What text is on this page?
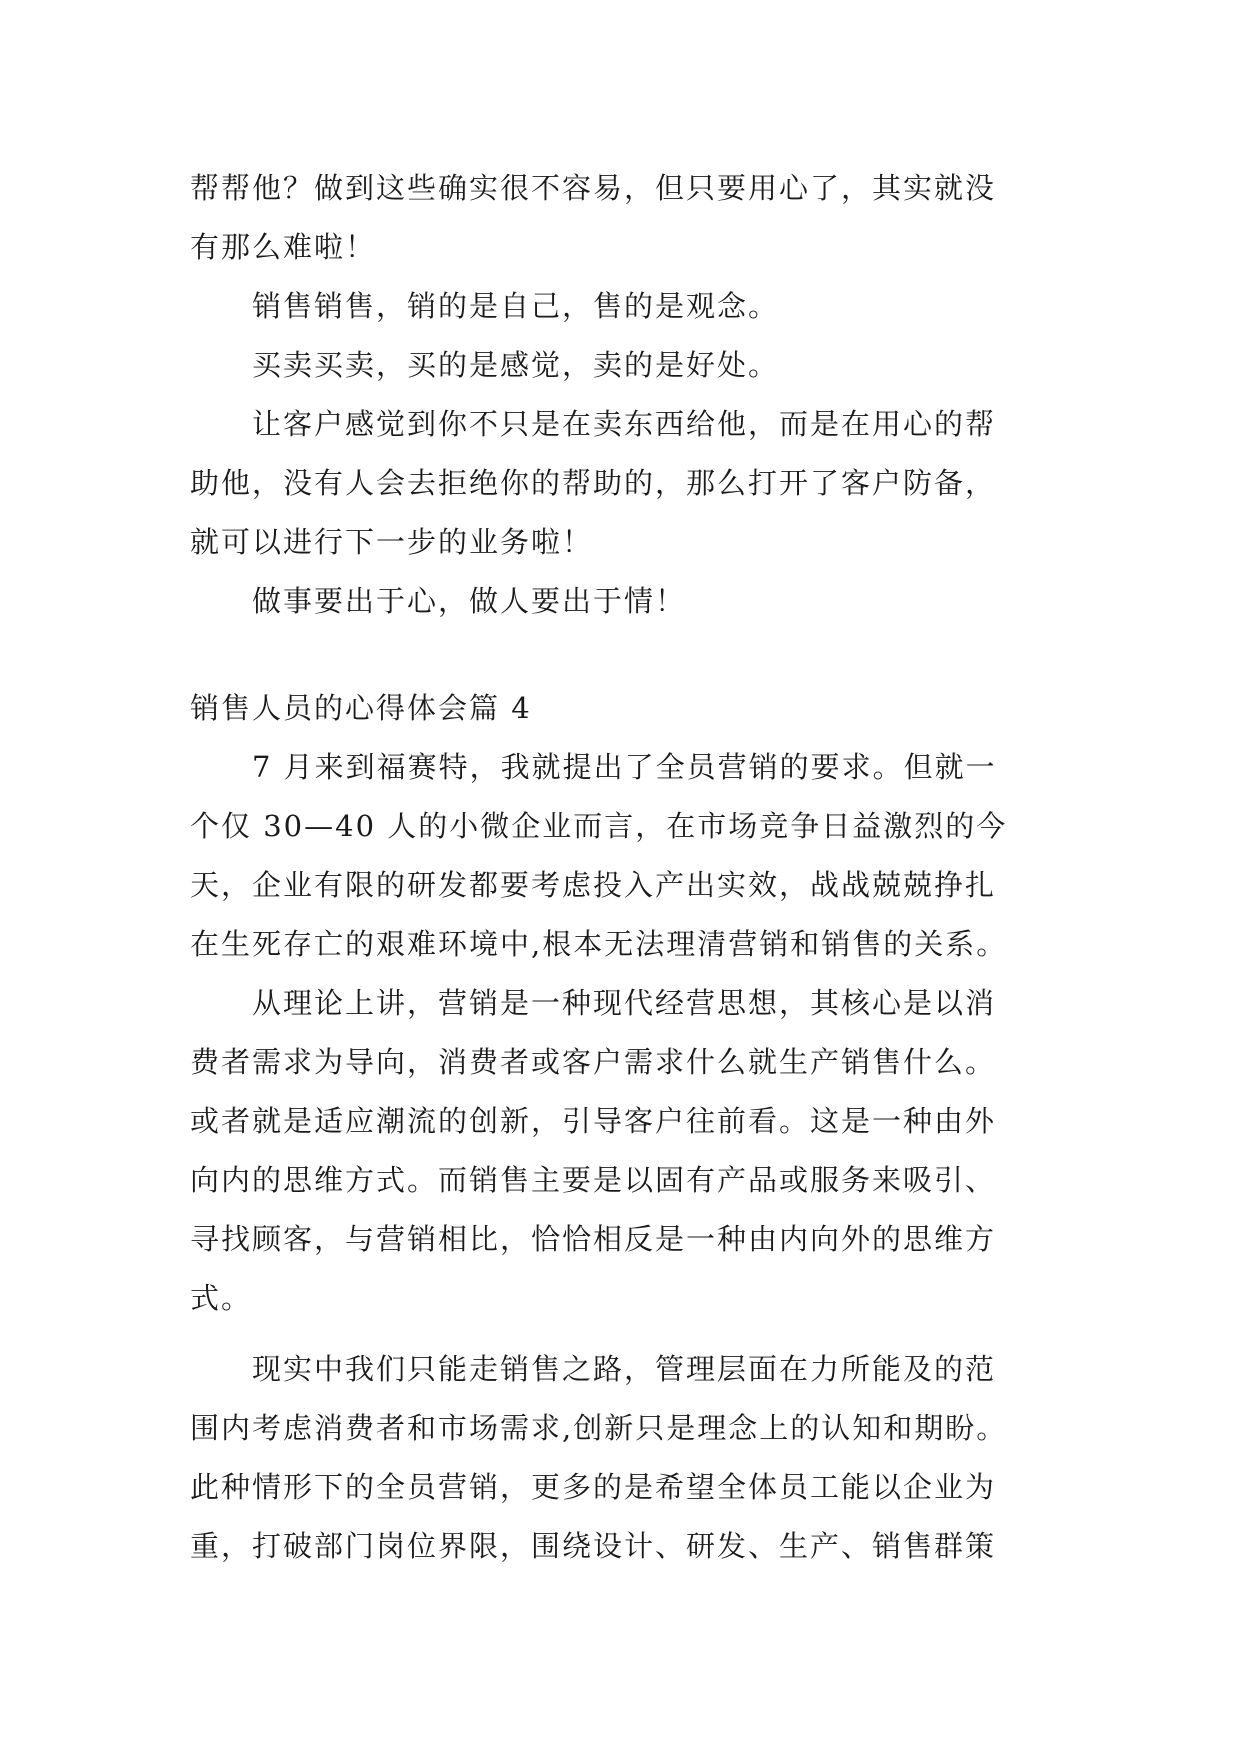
帮帮他？做到这些确实很不容易，但只要用心了，其实就没
有那么难啦！

销售销售，销的是自己，售的是观念。

买卖买卖，买的是感觉，卖的是好处。

让客户感觉到你不只是在卖东西给他，而是在用心的帮
助他，没有人会去拒绝你的帮助的，那么打开了客户防备，
就可以进行下一步的业务啦！

做事要出于心，做人要出于情！

销售人员的心得体会篇 4

7 月来到福赛特，我就提出了全员营销的要求。但就一
个仅 30—40 人的小微企业而言，在市场竞争日益激烈的今
天，企业有限的研发都要考虑投入产出实效，战战兢兢挣扎
在生死存亡的艰难环境中,根本无法理清营销和销售的关系。

从理论上讲，营销是一种现代经营思想，其核心是以消
费者需求为导向，消费者或客户需求什么就生产销售什么。
或者就是适应潮流的创新，引导客户往前看。这是一种由外
向内的思维方式。而销售主要是以固有产品或服务来吸引、
寻找顾客，与营销相比，恰恰相反是一种由内向外的思维方
式。

现实中我们只能走销售之路，管理层面在力所能及的范
围内考虑消费者和市场需求,创新只是理念上的认知和期盼。
此种情形下的全员营销，更多的是希望全体员工能以企业为
重，打破部门岗位界限，围绕设计、研发、生产、销售群策
